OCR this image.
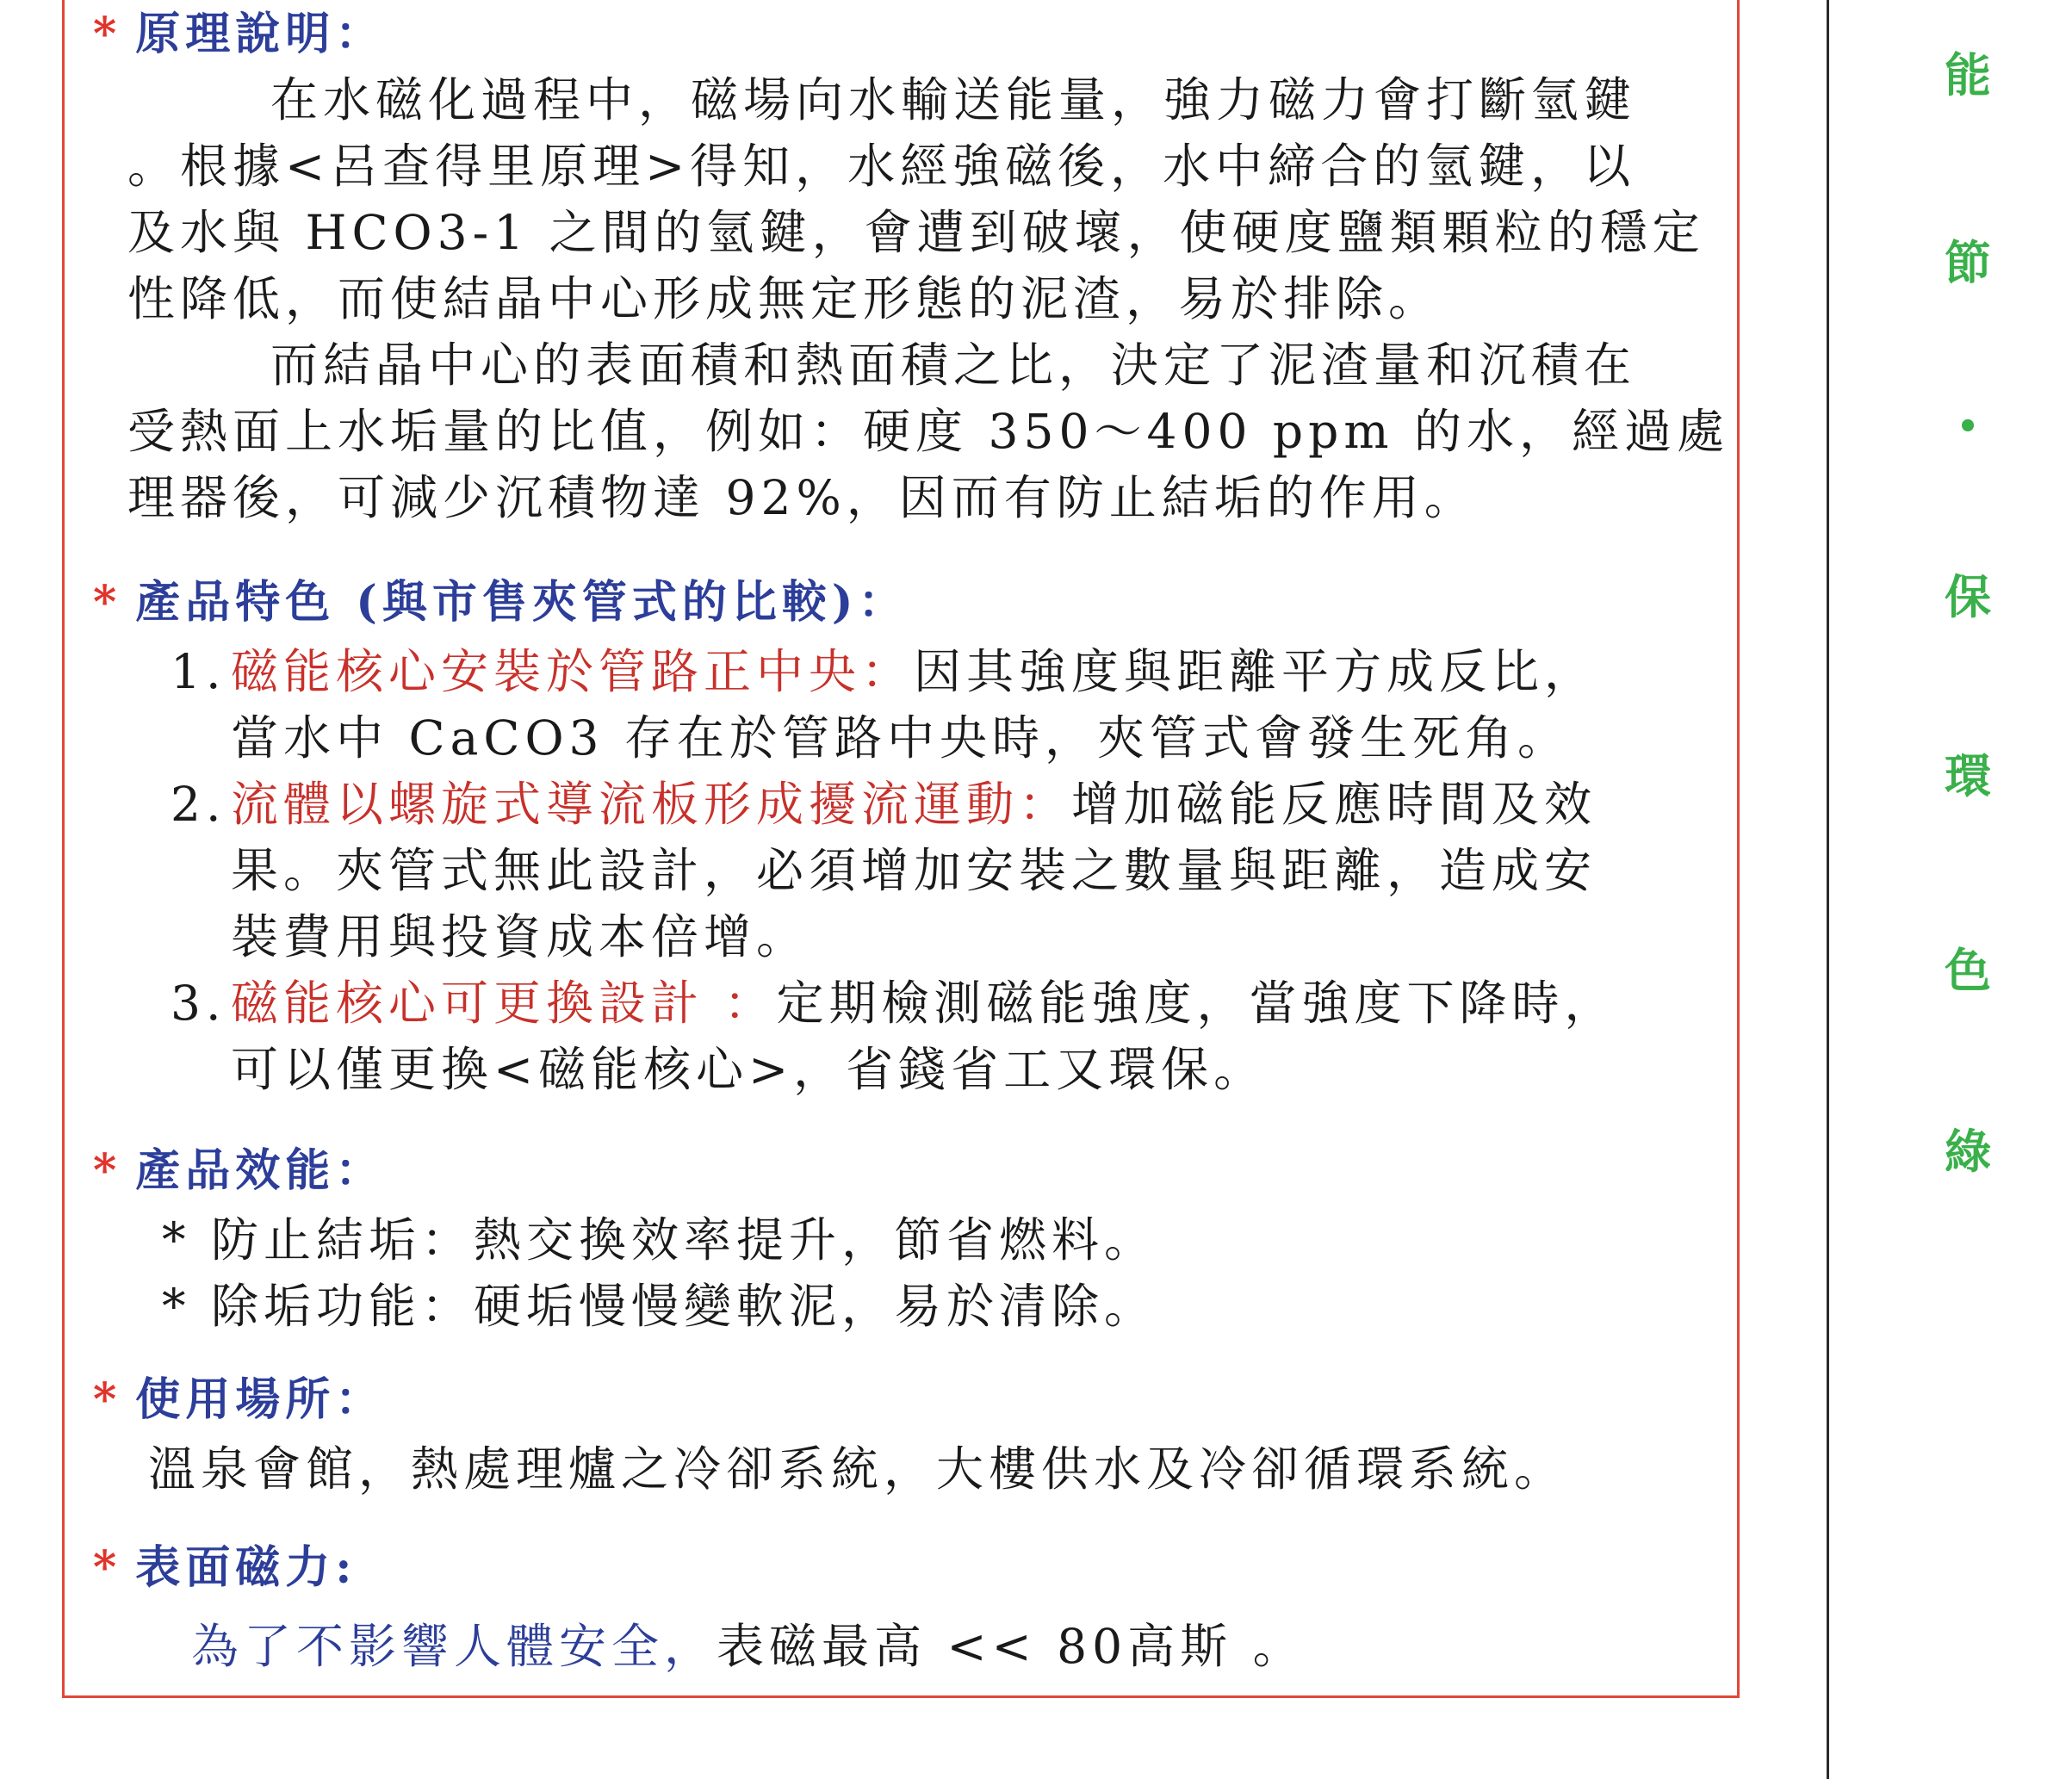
* 原理說明：
在水磁化過程中，磁場向水輸送能量，強力磁力會打斷氫鍵
。根據<呂查得里原理>得知，水經強磁後，水中締合的氫鍵，以
及水與 HCO3-1 之間的氫鍵，會遭到破壞，使硬度鹽類顆粒的穩定
性降低，而使結晶中心形成無定形態的泥渣，易於排除。
而結晶中心的表面積和熱面積之比，決定了泥渣量和沉積在
受熱面上水垢量的比值，例如：硬度 350～400 ppm 的水，經過處
理器後，可減少沉積物達 92%，因而有防止結垢的作用。
* 產品特色 (與市售夾管式的比較)：
1. 磁能核心安裝於管路正中央：因其強度與距離平方成反比，
當水中 CaCO3 存在於管路中央時，夾管式會發生死角。
2. 流體以螺旋式導流板形成擾流運動：增加磁能反應時間及效
果。夾管式無此設計，必須增加安裝之數量與距離，造成安
裝費用與投資成本倍增。
3. 磁能核心可更換設計 ：定期檢測磁能強度，當強度下降時，
可以僅更換<磁能核心>，省錢省工又環保。
* 產品效能：
* 防止結垢：熱交換效率提升，節省燃料。
* 除垢功能：硬垢慢慢變軟泥，易於清除。
* 使用場所：
溫泉會館，熱處理爐之冷卻系統，大樓供水及冷卻循環系統。
* 表面磁力:
為了不影響人體安全，表磁最高 << 80高斯 。
能
節
•
保
環
色
綠
